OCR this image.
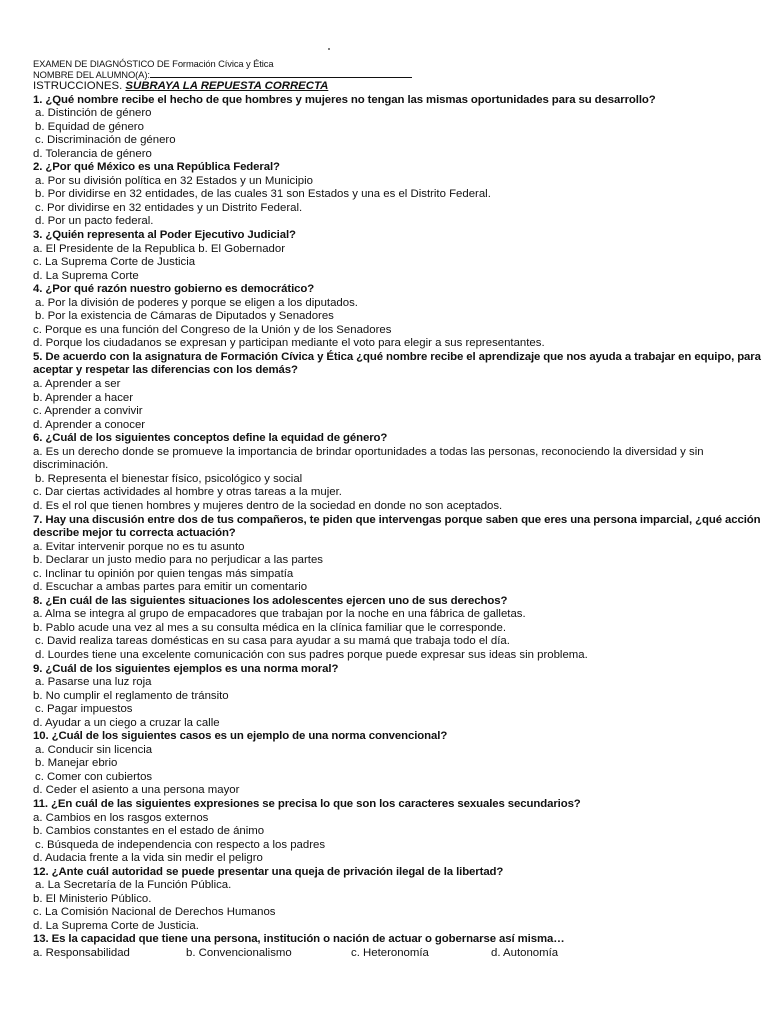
EXAMEN DE DIAGNÓSTICO DE Formación Cívica y Ética
NOMBRE DEL ALUMNO(A):
ISTRUCCIONES. SUBRAYA LA REPUESTA CORRECTA
1. ¿Qué nombre recibe el hecho de que hombres y mujeres no tengan las mismas oportunidades para su desarrollo?
a. Distinción de género
b. Equidad de género
c. Discriminación de género
d. Tolerancia de género
2. ¿Por qué México es una República Federal?
a. Por su división política en 32 Estados y un Municipio
b. Por dividirse en 32 entidades, de las cuales 31 son Estados y una es el Distrito Federal.
c. Por dividirse en 32 entidades y un Distrito Federal.
d. Por un pacto federal.
3. ¿Quién representa al Poder Ejecutivo Judicial?
a. El Presidente de la Republica b. El Gobernador
c. La Suprema Corte de Justicia
d. La Suprema Corte
4. ¿Por qué razón nuestro gobierno es democrático?
a. Por la división de poderes y porque se eligen a los diputados.
b. Por la existencia de Cámaras de Diputados y Senadores
c. Porque es una función del Congreso de la Unión y de los Senadores
d. Porque los ciudadanos se expresan y participan mediante el voto para elegir a sus representantes.
5. De acuerdo con la asignatura de Formación Cívica y Ética ¿qué nombre recibe el aprendizaje que nos ayuda a trabajar en equipo, para aceptar y respetar las diferencias con los demás?
a. Aprender a ser
b. Aprender a hacer
c. Aprender a convivir
d. Aprender a conocer
6. ¿Cuál de los siguientes conceptos define la equidad de género?
a. Es un derecho donde se promueve la importancia de brindar oportunidades a todas las personas, reconociendo la diversidad y sin discriminación.
b. Representa el bienestar físico, psicológico y social
c. Dar ciertas actividades al hombre y otras tareas a la mujer.
d. Es el rol que tienen hombres y mujeres dentro de la sociedad en donde no son aceptados.
7. Hay una discusión entre dos de tus compañeros, te piden que intervengas porque saben que eres una persona imparcial, ¿qué acción describe mejor tu correcta actuación?
a. Evitar intervenir porque no es tu asunto
b. Declarar un justo medio para no perjudicar a las partes
c. Inclinar tu opinión por quien tengas más simpatía
d. Escuchar a ambas partes para emitir un comentario
8. ¿En cuál de las siguientes situaciones los adolescentes ejercen uno de sus derechos?
a. Alma se integra al grupo de empacadores que trabajan por la noche en una fábrica de galletas.
b. Pablo acude una vez al mes a su consulta médica en la clínica familiar que le corresponde.
c. David realiza tareas domésticas en su casa para ayudar a su mamá que trabaja todo el día.
d. Lourdes tiene una excelente comunicación con sus padres porque puede expresar sus ideas sin problema.
9. ¿Cuál de los siguientes ejemplos es una norma moral?
a. Pasarse una luz roja
b. No cumplir el reglamento de tránsito
c. Pagar impuestos
d. Ayudar a un ciego a cruzar la calle
10. ¿Cuál de los siguientes casos es un ejemplo de una norma convencional?
a. Conducir sin licencia
b. Manejar ebrio
c. Comer con cubiertos
d. Ceder el asiento a una persona mayor
11. ¿En cuál de las siguientes expresiones se precisa lo que son los caracteres sexuales secundarios?
a. Cambios en los rasgos externos
b. Cambios constantes en el estado de ánimo
c. Búsqueda de independencia con respecto a los padres
d. Audacia frente a la vida sin medir el peligro
12. ¿Ante cuál autoridad se puede presentar una queja de privación ilegal de la libertad?
a. La Secretaría de la Función Pública.
b. El Ministerio Público.
c. La Comisión Nacional de Derechos Humanos
d. La Suprema Corte de Justicia.
13. Es la capacidad que tiene una persona, institución o nación de actuar o gobernarse así misma…
a. Responsabilidad	b. Convencionalismo	c. Heteronomía	d. Autonomía
